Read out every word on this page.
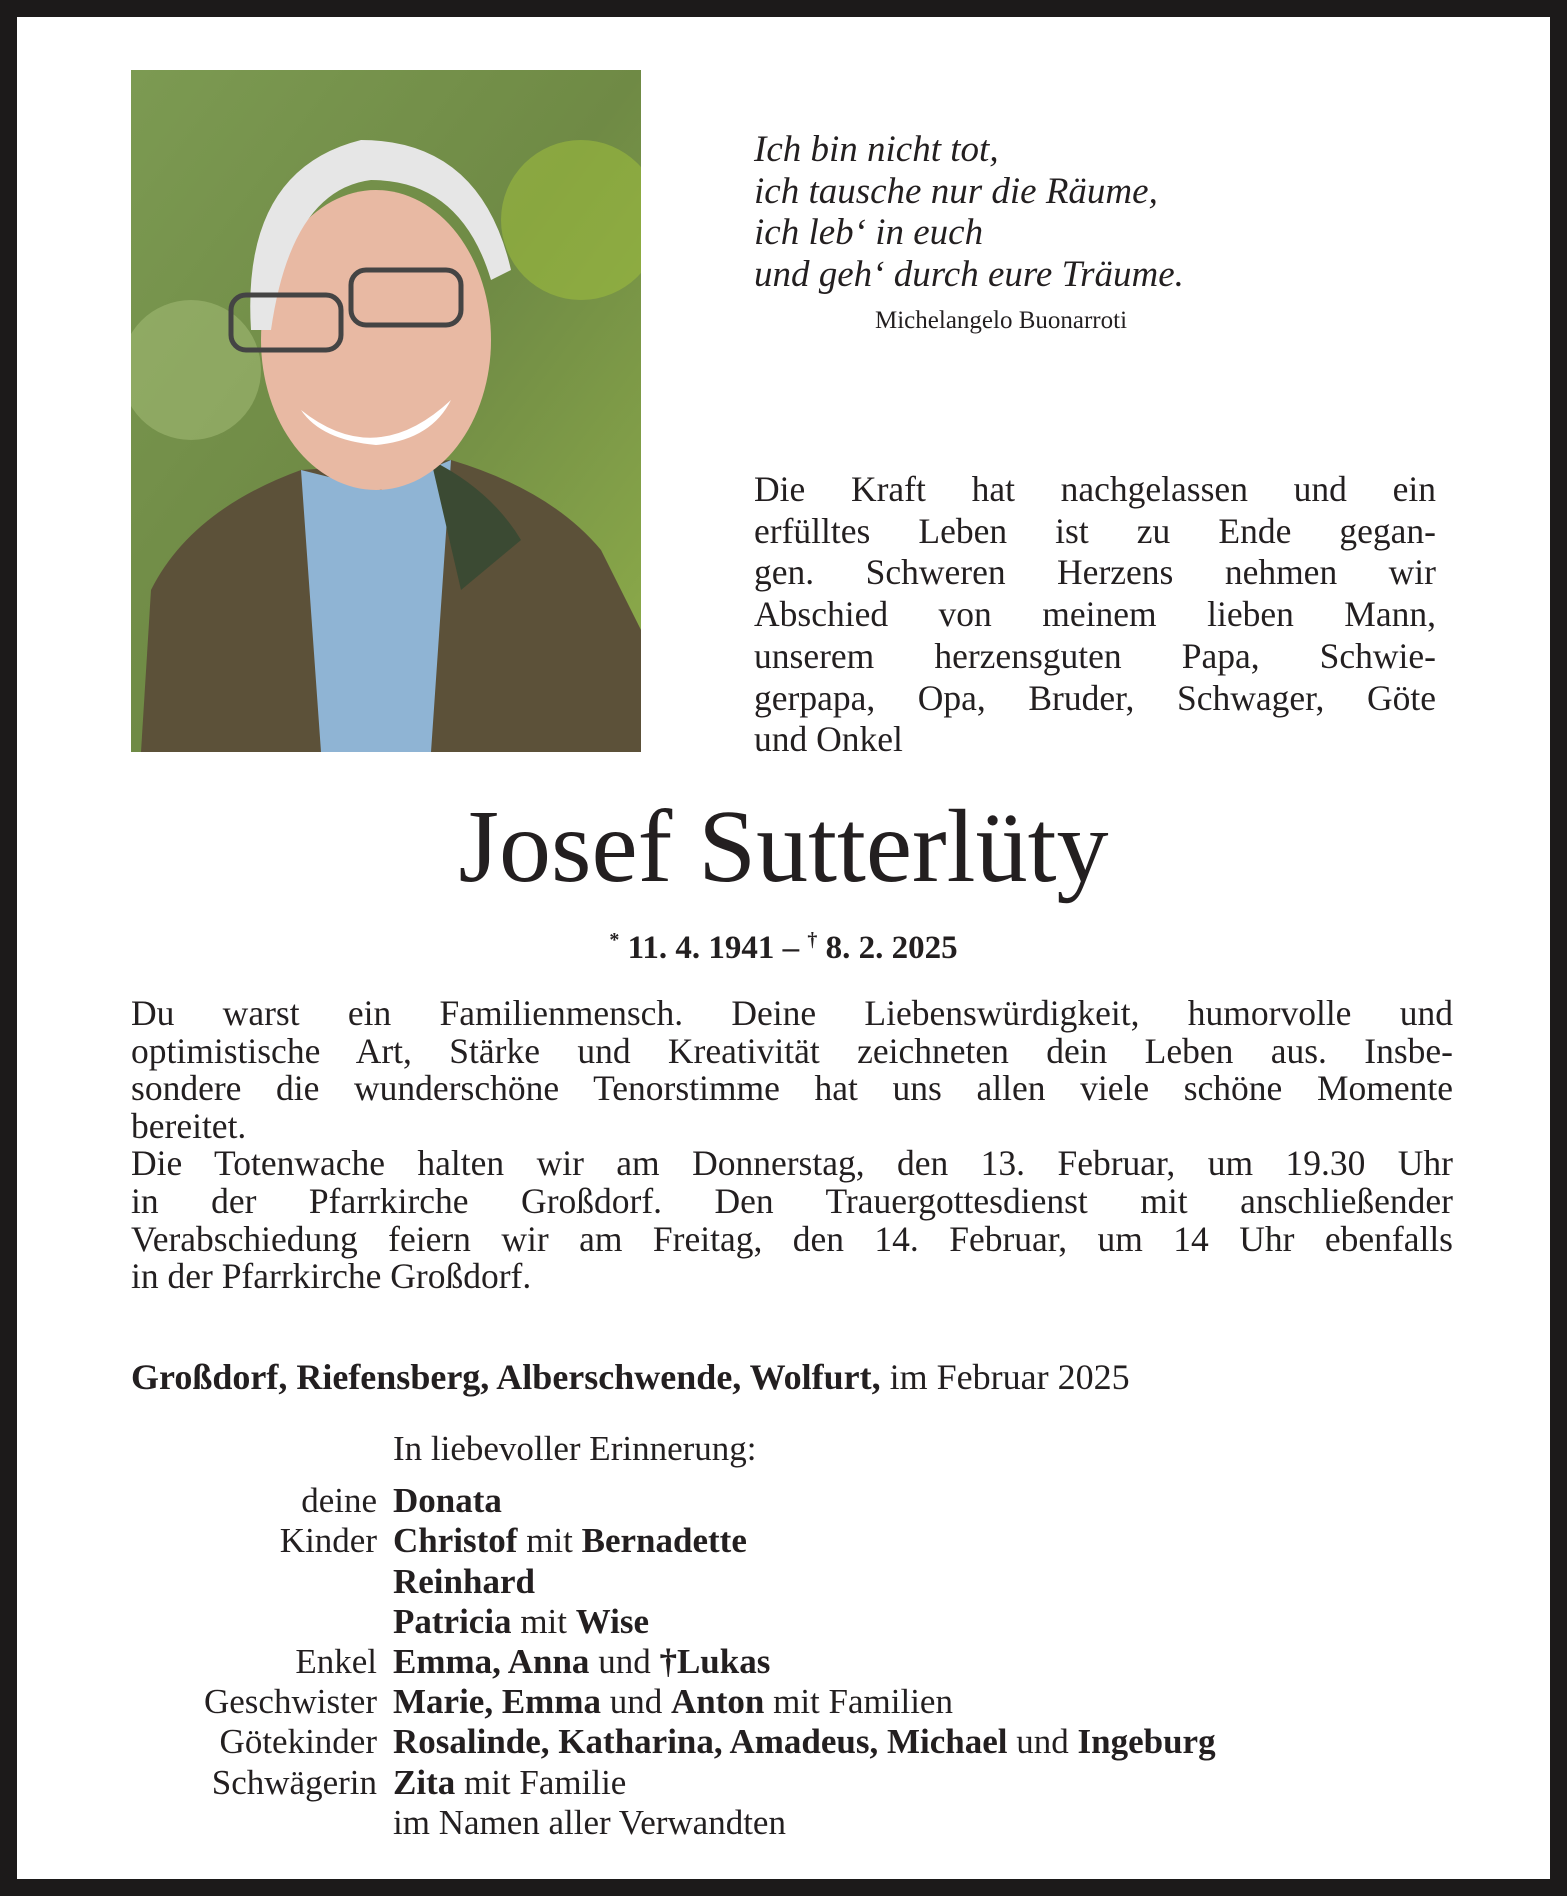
Ich bin nicht tot,
ich tausche nur die Räume,
ich leb‘ in euch
und geh‘ durch eure Träume.
Michelangelo Buonarroti
Die Kraft hat nachgelassen und ein
erfülltes Leben ist zu Ende gegan-
gen. Schweren Herzens nehmen wir
Abschied von meinem lieben Mann,
unserem herzensguten Papa, Schwie-
gerpapa, Opa, Bruder, Schwager, Göte
und Onkel
Josef Sutterlüty
* 11. 4. 1941 – † 8. 2. 2025
Du warst ein Familienmensch. Deine Liebenswürdigkeit, humorvolle und
optimistische Art, Stärke und Kreativität zeichneten dein Leben aus. Insbe-
sondere die wunderschöne Tenorstimme hat uns allen viele schöne Momente
bereitet.
Die Totenwache halten wir am Donnerstag, den 13. Februar, um 19.30 Uhr
in der Pfarrkirche Großdorf. Den Trauergottesdienst mit anschließender
Verabschiedung feiern wir am Freitag, den 14. Februar, um 14 Uhr ebenfalls
in der Pfarrkirche Großdorf.
Großdorf, Riefensberg, Alberschwende, Wolfurt, im Februar 2025
In liebevoller Erinnerung:
deine Donata
Kinder Christof mit Bernadette
Reinhard
Patricia mit Wise
Enkel Emma, Anna und †Lukas
Geschwister Marie, Emma und Anton mit Familien
Götekinder Rosalinde, Katharina, Amadeus, Michael und Ingeburg
Schwägerin Zita mit Familie
im Namen aller Verwandten
